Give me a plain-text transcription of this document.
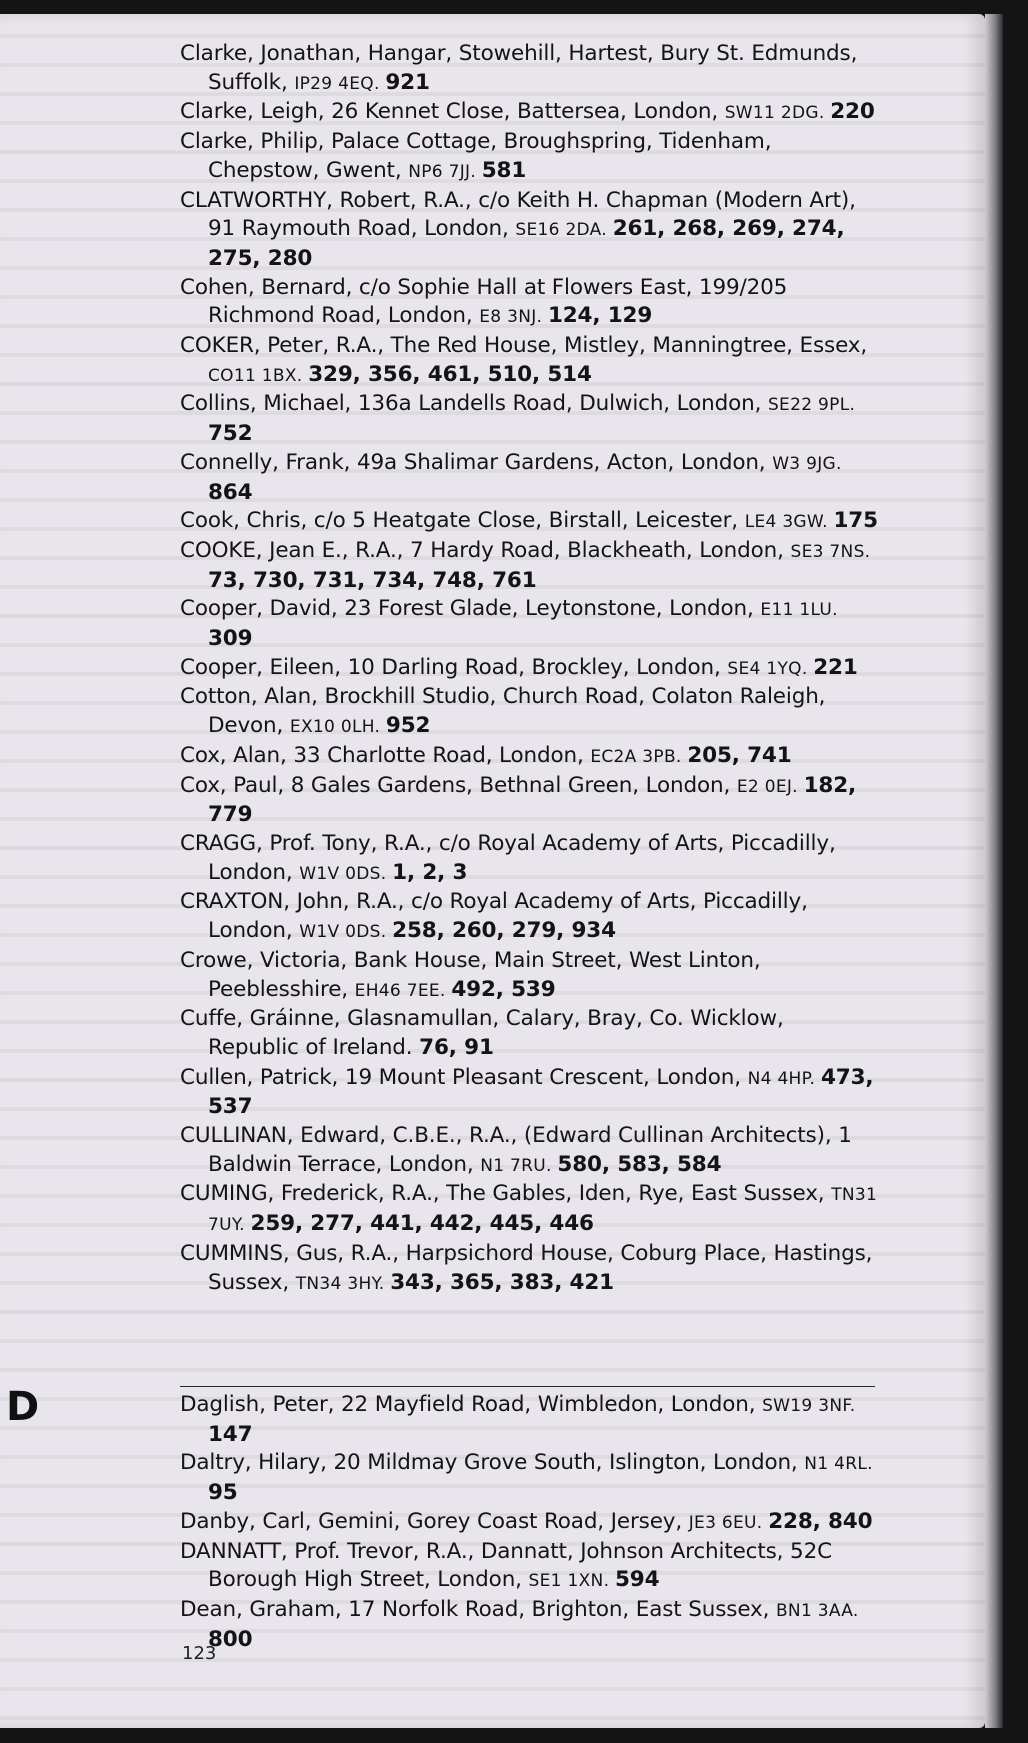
Clarke, Jonathan, Hangar, Stowehill, Hartest, Bury St. Edmunds, Suffolk, IP29 4EQ. 921
Clarke, Leigh, 26 Kennet Close, Battersea, London, SW11 2DG. 220
Clarke, Philip, Palace Cottage, Broughspring, Tidenham, Chepstow, Gwent, NP6 7JJ. 581
CLATWORTHY, Robert, R.A., c/o Keith H. Chapman (Modern Art), 91 Raymouth Road, London, SE16 2DA. 261, 268, 269, 274, 275, 280
Cohen, Bernard, c/o Sophie Hall at Flowers East, 199/205 Richmond Road, London, E8 3NJ. 124, 129
COKER, Peter, R.A., The Red House, Mistley, Manningtree, Essex, CO11 1BX. 329, 356, 461, 510, 514
Collins, Michael, 136a Landells Road, Dulwich, London, SE22 9PL. 752
Connelly, Frank, 49a Shalimar Gardens, Acton, London, W3 9JG. 864
Cook, Chris, c/o 5 Heatgate Close, Birstall, Leicester, LE4 3GW. 175
COOKE, Jean E., R.A., 7 Hardy Road, Blackheath, London, SE3 7NS. 73, 730, 731, 734, 748, 761
Cooper, David, 23 Forest Glade, Leytonstone, London, E11 1LU. 309
Cooper, Eileen, 10 Darling Road, Brockley, London, SE4 1YQ. 221
Cotton, Alan, Brockhill Studio, Church Road, Colaton Raleigh, Devon, EX10 0LH. 952
Cox, Alan, 33 Charlotte Road, London, EC2A 3PB. 205, 741
Cox, Paul, 8 Gales Gardens, Bethnal Green, London, E2 0EJ. 182, 779
CRAGG, Prof. Tony, R.A., c/o Royal Academy of Arts, Piccadilly, London, W1V 0DS. 1, 2, 3
CRAXTON, John, R.A., c/o Royal Academy of Arts, Piccadilly, London, W1V 0DS. 258, 260, 279, 934
Crowe, Victoria, Bank House, Main Street, West Linton, Peeblesshire, EH46 7EE. 492, 539
Cuffe, Gráinne, Glasnamullan, Calary, Bray, Co. Wicklow, Republic of Ireland. 76, 91
Cullen, Patrick, 19 Mount Pleasant Crescent, London, N4 4HP. 473, 537
CULLINAN, Edward, C.B.E., R.A., (Edward Cullinan Architects), 1 Baldwin Terrace, London, N1 7RU. 580, 583, 584
CUMING, Frederick, R.A., The Gables, Iden, Rye, East Sussex, TN31 7UY. 259, 277, 441, 442, 445, 446
CUMMINS, Gus, R.A., Harpsichord House, Coburg Place, Hastings, Sussex, TN34 3HY. 343, 365, 383, 421
D	Daglish, Peter, 22 Mayfield Road, Wimbledon, London, SW19 3NF. 147
Daltry, Hilary, 20 Mildmay Grove South, Islington, London, N1 4RL. 95
Danby, Carl, Gemini, Gorey Coast Road, Jersey, JE3 6EU. 228, 840
DANNATT, Prof. Trevor, R.A., Dannatt, Johnson Architects, 52C Borough High Street, London, SE1 1XN. 594
Dean, Graham, 17 Norfolk Road, Brighton, East Sussex, BN1 3AA. 800
123
